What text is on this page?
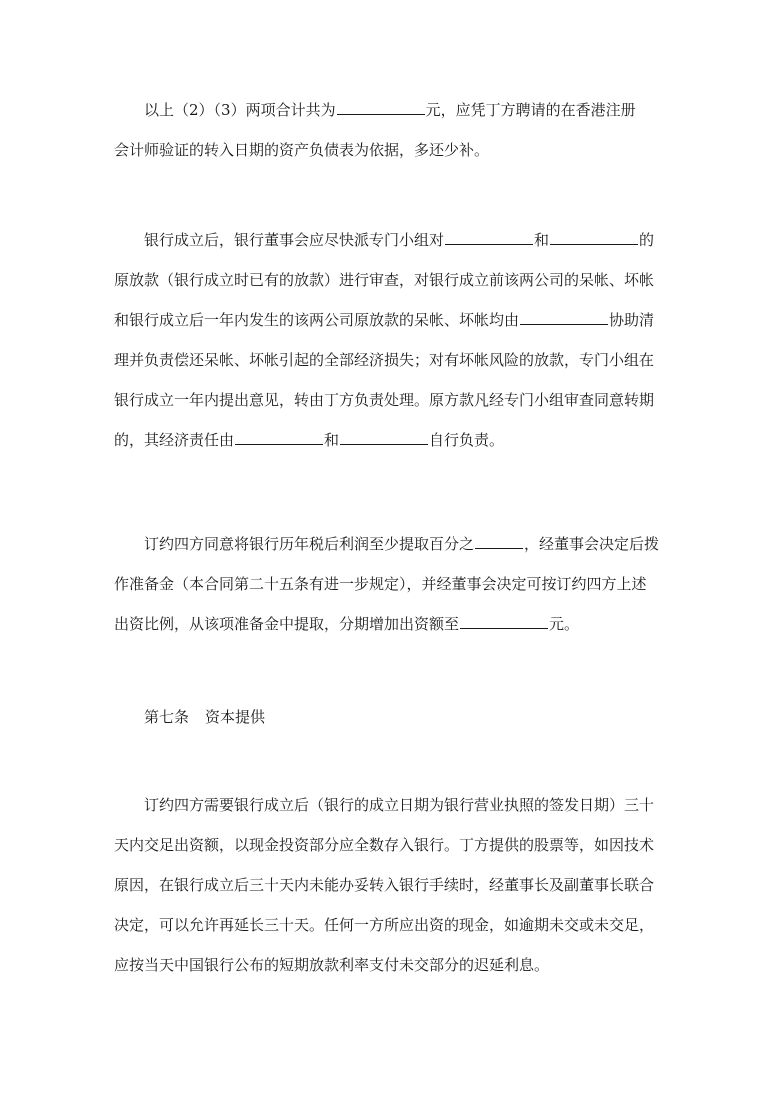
以上（2）（3）两项合计共为	元，应凭丁方聘请的在香港注册
会计师验证的转入日期的资产负债表为依据，多还少补。

银行成立后，银行董事会应尽快派专门小组对	和	的
原放款（银行成立时已有的放款）进行审查，对银行成立前该两公司的呆帐、坏帐
和银行成立后一年内发生的该两公司原放款的呆帐、坏帐均由	协助清
理并负责偿还呆帐、坏帐引起的全部经济损失；对有坏帐风险的放款，专门小组在
银行成立一年内提出意见，转由丁方负责处理。原方款凡经专门小组审查同意转期
的，其经济责任由	和	自行负责。

订约四方同意将银行历年税后利润至少提取百分之	，经董事会决定后拨
作准备金（本合同第二十五条有进一步规定），并经董事会决定可按订约四方上述
出资比例，从该项准备金中提取，分期增加出资额至	元。

第七条 资本提供

订约四方需要银行成立后（银行的成立日期为银行营业执照的签发日期）三十
天内交足出资额，以现金投资部分应全数存入银行。丁方提供的股票等，如因技术
原因，在银行成立后三十天内未能办妥转入银行手续时，经董事长及副董事长联合
决定，可以允许再延长三十天。任何一方所应出资的现金，如逾期未交或未交足，
应按当天中国银行公布的短期放款利率支付未交部分的迟延利息。
